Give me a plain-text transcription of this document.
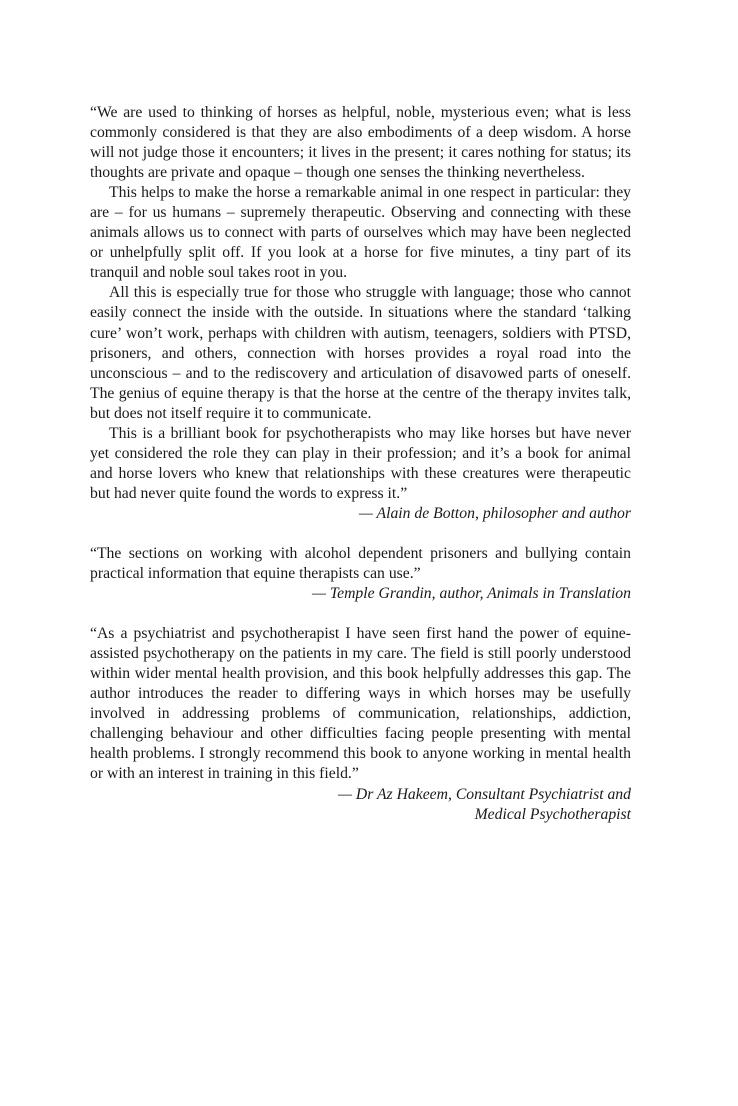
“We are used to thinking of horses as helpful, noble, mysterious even; what is less commonly considered is that they are also embodiments of a deep wisdom. A horse will not judge those it encounters; it lives in the present; it cares nothing for status; its thoughts are private and opaque – though one senses the thinking nevertheless.

This helps to make the horse a remarkable animal in one respect in particular: they are – for us humans – supremely therapeutic. Observing and connecting with these animals allows us to connect with parts of ourselves which may have been neglected or unhelpfully split off. If you look at a horse for five minutes, a tiny part of its tranquil and noble soul takes root in you.

All this is especially true for those who struggle with language; those who cannot easily connect the inside with the outside. In situations where the standard ‘talking cure’ won’t work, perhaps with children with autism, teenagers, soldiers with PTSD, prisoners, and others, connection with horses provides a royal road into the unconscious – and to the rediscovery and articulation of disavowed parts of oneself. The genius of equine therapy is that the horse at the centre of the therapy invites talk, but does not itself require it to communicate.

This is a brilliant book for psychotherapists who may like horses but have never yet considered the role they can play in their profession; and it’s a book for animal and horse lovers who knew that relationships with these creatures were therapeutic but had never quite found the words to express it.”

— Alain de Botton, philosopher and author

“The sections on working with alcohol dependent prisoners and bullying contain practical information that equine therapists can use.”

— Temple Grandin, author, Animals in Translation

“As a psychiatrist and psychotherapist I have seen first hand the power of equine-assisted psychotherapy on the patients in my care. The field is still poorly understood within wider mental health provision, and this book helpfully addresses this gap. The author introduces the reader to differing ways in which horses may be usefully involved in addressing problems of communication, relationships, addiction, challenging behaviour and other difficulties facing people presenting with mental health problems. I strongly recommend this book to anyone working in mental health or with an interest in training in this field.”

— Dr Az Hakeem, Consultant Psychiatrist and

Medical Psychotherapist
